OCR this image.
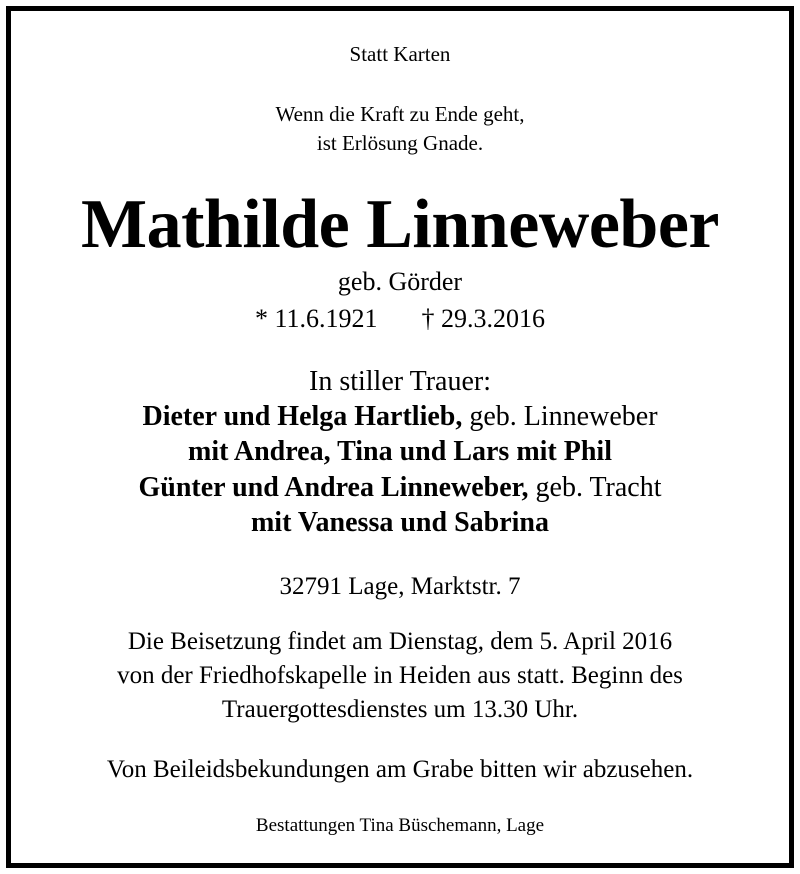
Statt Karten
Wenn die Kraft zu Ende geht,
ist Erlösung Gnade.
Mathilde Linneweber
geb. Görder
* 11.6.1921 † 29.3.2016
In stiller Trauer:
Dieter und Helga Hartlieb, geb. Linneweber
mit Andrea, Tina und Lars mit Phil
Günter und Andrea Linneweber, geb. Tracht
mit Vanessa und Sabrina
32791 Lage, Marktstr. 7
Die Beisetzung findet am Dienstag, dem 5. April 2016
von der Friedhofskapelle in Heiden aus statt. Beginn des
Trauergottesdienstes um 13.30 Uhr.
Von Beileidsbekundungen am Grabe bitten wir abzusehen.
Bestattungen Tina Büschemann, Lage
